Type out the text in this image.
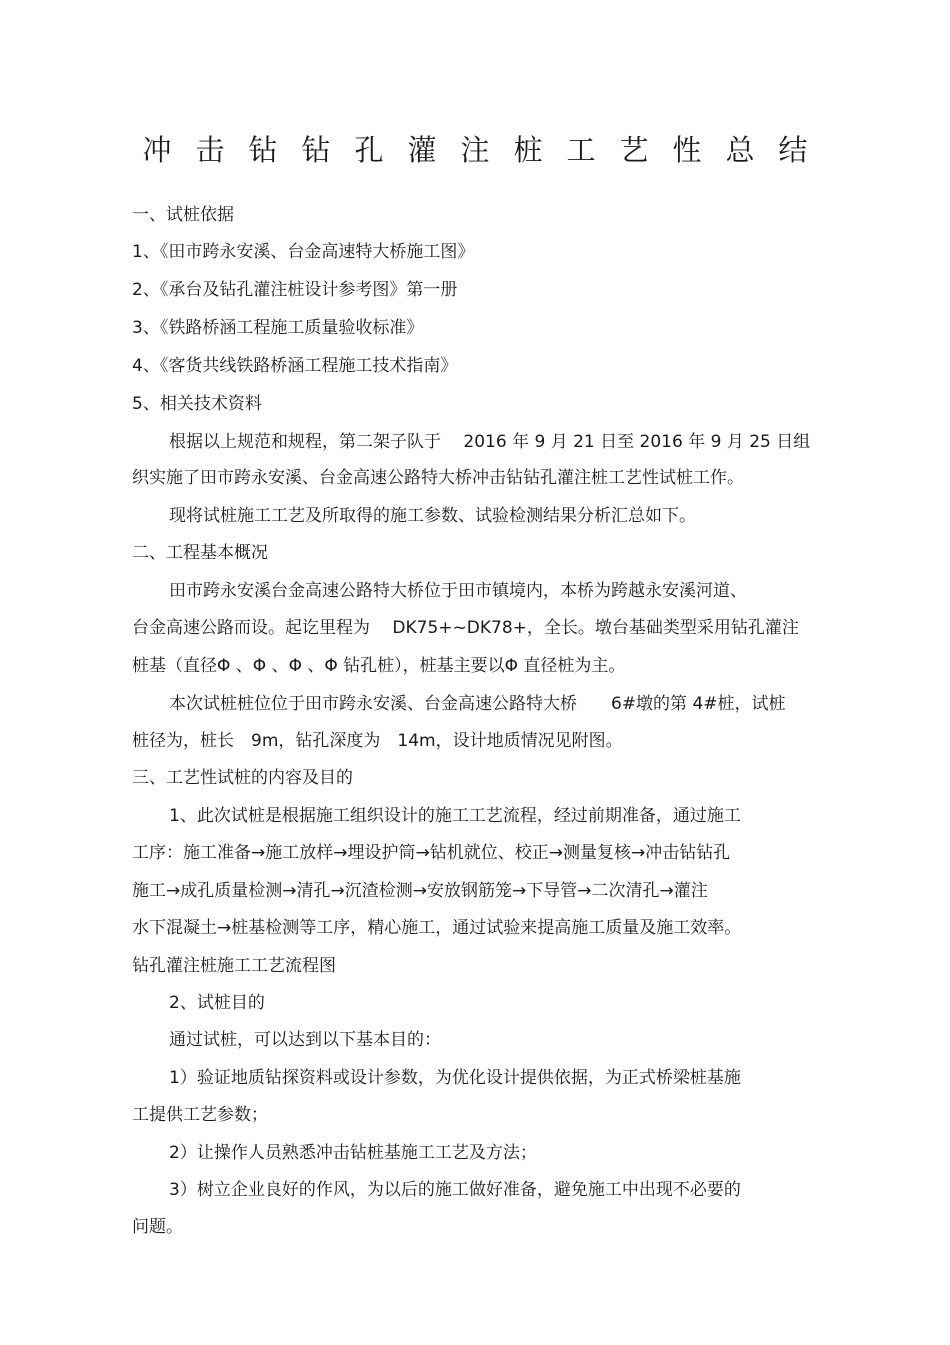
冲击钻钻孔灌注桩工艺性总结
一、试桩依据
1、《田市跨永安溪、台金高速特大桥施工图》
2、《承台及钻孔灌注桩设计参考图》第一册
3、《铁路桥涵工程施工质量验收标准》
4、《客货共线铁路桥涵工程施工技术指南》
5、相关技术资料
根据以上规范和规程，第二架子队于　 2016 年 9 月 21 日至 2016 年 9 月 25 日组
织实施了田市跨永安溪、台金高速公路特大桥冲击钻钻孔灌注桩工艺性试桩工作。
现将试桩施工工艺及所取得的施工参数、试验检测结果分析汇总如下。
二、工程基本概况
田市跨永安溪台金高速公路特大桥位于田市镇境内，本桥为跨越永安溪河道、
台金高速公路而设。起讫里程为　 DK75+~DK78+，全长。墩台基础类型采用钻孔灌注
桩基（直径Φ 、Φ 、Φ 、Φ 钻孔桩），桩基主要以Φ 直径桩为主。
本次试桩桩位位于田市跨永安溪、台金高速公路特大桥　　6#墩的第 4#桩，试桩
桩径为，桩长　9m，钻孔深度为　14m，设计地质情况见附图。
三、工艺性试桩的内容及目的
1、此次试桩是根据施工组织设计的施工工艺流程，经过前期准备，通过施工
工序：施工准备→施工放样→埋设护筒→钻机就位、校正→测量复核→冲击钻钻孔
施工→成孔质量检测→清孔→沉渣检测→安放钢筋笼→下导管→二次清孔→灌注
水下混凝土→桩基检测等工序，精心施工，通过试验来提高施工质量及施工效率。
钻孔灌注桩施工工艺流程图
2、试桩目的
通过试桩，可以达到以下基本目的：
1）验证地质钻探资料或设计参数，为优化设计提供依据，为正式桥梁桩基施
工提供工艺参数；
2）让操作人员熟悉冲击钻桩基施工工艺及方法；
3）树立企业良好的作风，为以后的施工做好准备，避免施工中出现不必要的
问题。
